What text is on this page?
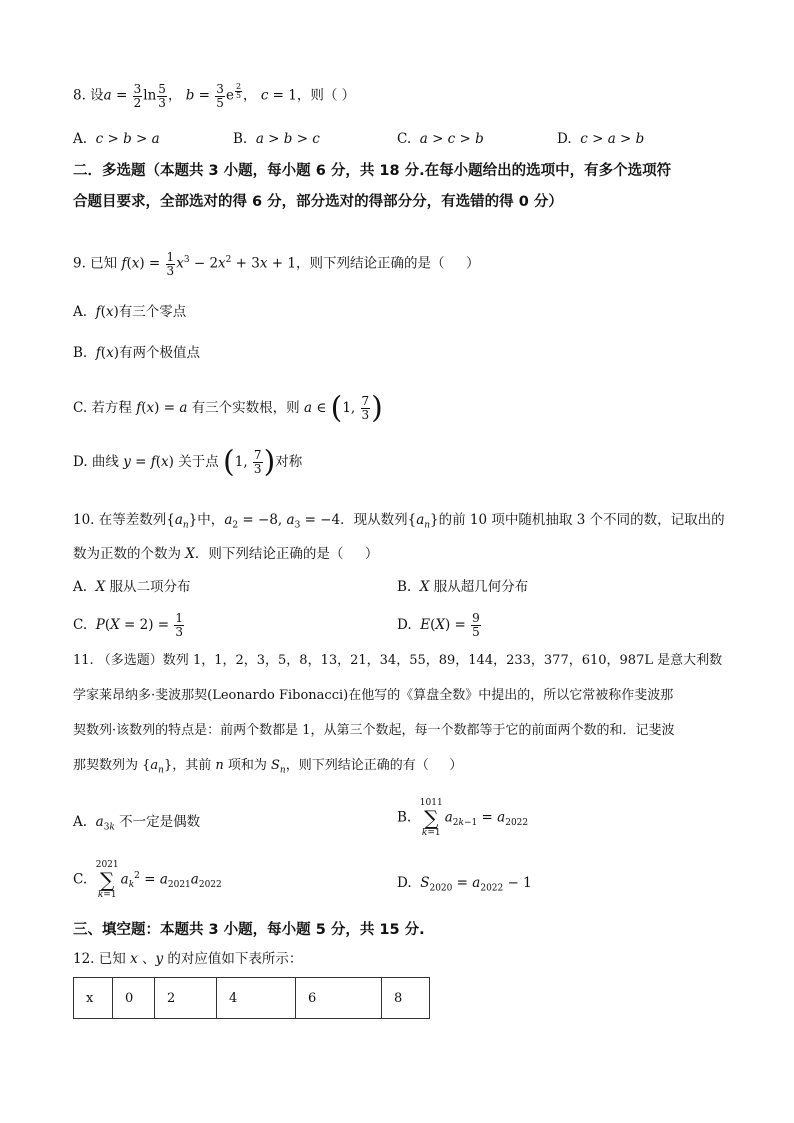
8. 设$a = \frac{3}{2}$ $\ln \frac{5}{3}$ ， $b = \frac{3}{5}$ e $^{\frac{2}{5}}$ ， c = 1，则（ ）
A. c > b > a	B. a > b > c	C. a > c > b	D. c > a > b
二．多选题（本题共 3 小题，每小题 6 分，共 18 分.在每小题给出的选项中，有多个选项符
合题目要求，全部选对的得 6 分，部分选对的得部分分，有选错的得 0 分）
9. 已知 $f(x) = \frac{1}{3} x^3 - 2x^2 + 3x + 1$，则下列结论正确的是（     ）
A.  f(x)有三个零点
B.  f(x)有两个极值点
C. 若方程 f(x) = a 有三个实数根，则 a ∈ (1, $\frac{7}{3}$ )
D. 曲线 y = f(x) 关于点 (1, $\frac{7}{3}$ )对称
10. 在等差数列$\{a_n\}$中，$a_2 = -8$, $a_3 = -4$．现从数列$\{a_n\}$的前 10 项中随机抽取 3 个不同的数，记取出的
数为正数的个数为 X．则下列结论正确的是（     ）
A.  X 服从二项分布	B.  X 服从超几何分布
C.  $P(X = 2) = \frac{1}{3}$	D.  $E(X) = \frac{9}{5}$
11. （多选题）数列 1，1，2，3，5，8，13，21，34，55，89，144，233，377，610，987L 是意大利数
学家莱昂纳多·斐波那契(Leonardo Fibonacci)在他写的《算盘全数》中提出的，所以它常被称作斐波那
契数列·该数列的特点是：前两个数都是 1，从第三个数起，每一个数都等于它的前面两个数的和．记斐波
那契数列为 $\{a_n\}$，其前 n 项和为 $S_n$，则下列结论正确的有（     ）
A.  $a_{3k}$ 不一定是偶数	B.  1011
∑
$k=1a_{2k-1} = a_{2022}$
C.  2021
∑
$k=1a_k^2 = a_{2021}a_{2022}$	D.  $S_{2020} = a_{2022} - 1$
三、填空题：本题共 3 小题，每小题 5 分，共 15 分.
12. 已知 x 、y 的对应值如下表所示：
x	0	2	4	6	8
